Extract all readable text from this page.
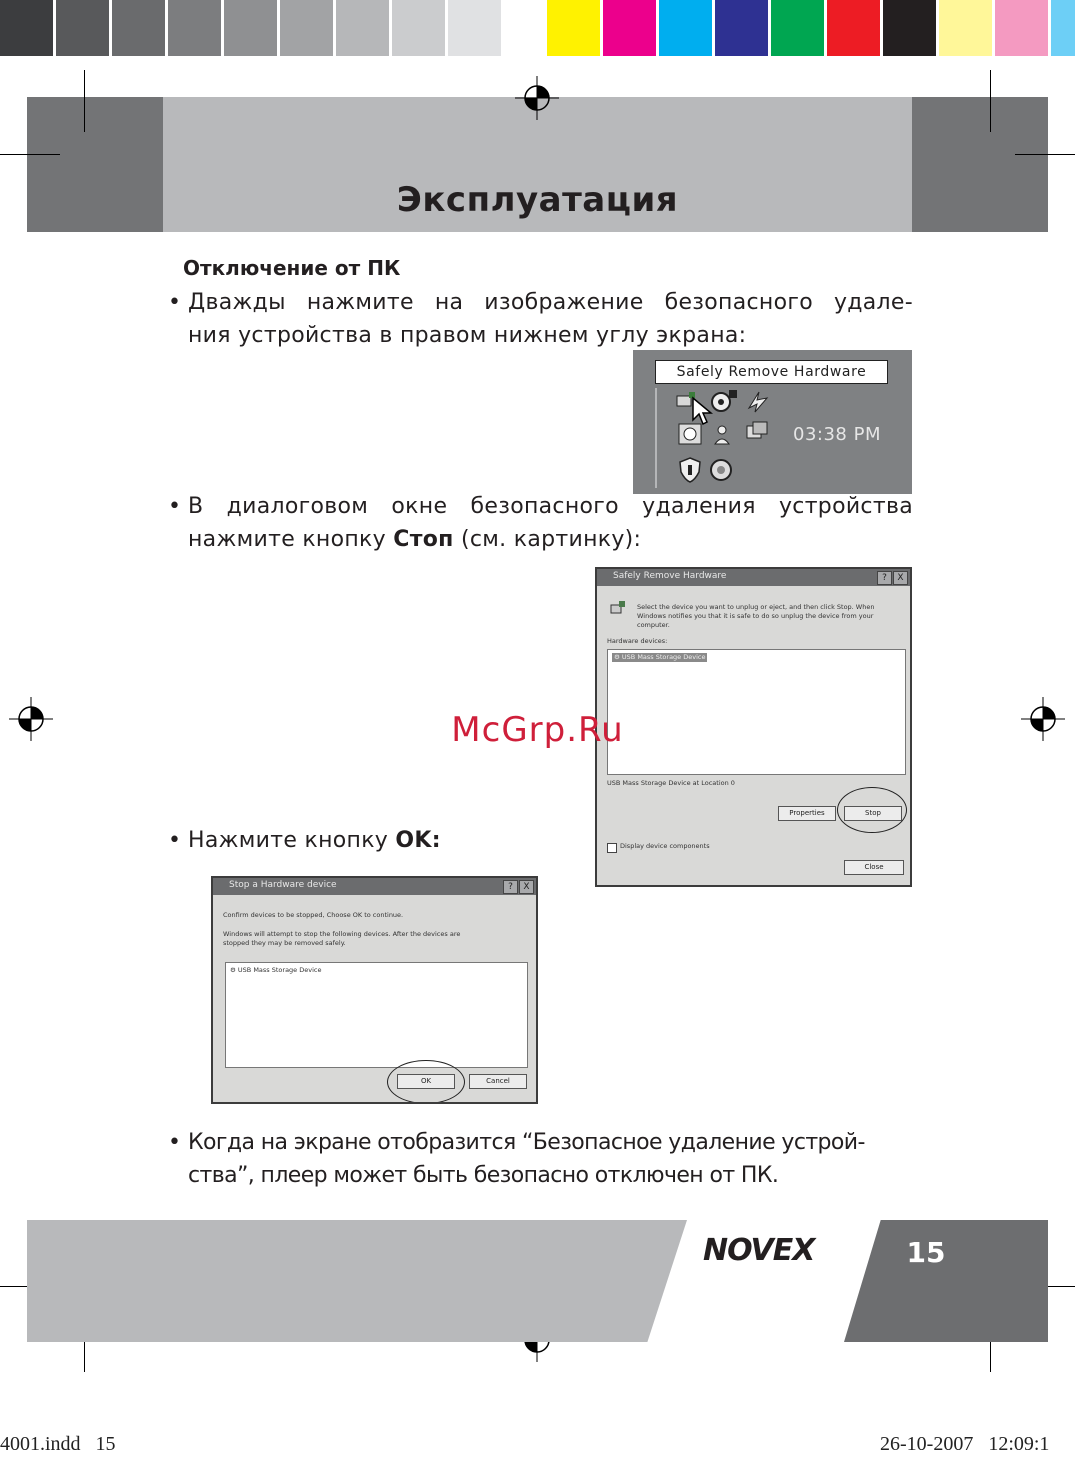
Эксплуатация
Отключение от ПК
• Дважды нажмите на изображение безопасного удале-
ния устройства в правом нижнем углу экрана:
Safely Remove Hardware
03:38 PM
• В диалоговом окне безопасного удаления устройства
нажмите кнопку Стоп (см. картинку):
Safely Remove Hardware	?	X
Select the device you want to unplug or eject, and then click Stop. When
Windows notifies you that it is safe to do so unplug the device from your
computer.
Hardware devices:
⚙ USB Mass Storage Device
USB Mass Storage Device at Location 0
Properties	Stop
Display device components
Close
McGrp.Ru
• Нажмите кнопку OK:
Stop a Hardware device	?	X
Confirm devices to be stopped, Choose OK to continue.
Windows will attempt to stop the following devices. After the devices are
stopped they may be removed safely.
⚙ USB Mass Storage Device
OK	Cancel
• Когда на экране отобразится “Безопасное удаление устрой-
ства”, плеер может быть безопасно отключен от ПК.
NOVEX	15
4001.indd   15	26-10-2007   12:09:1
